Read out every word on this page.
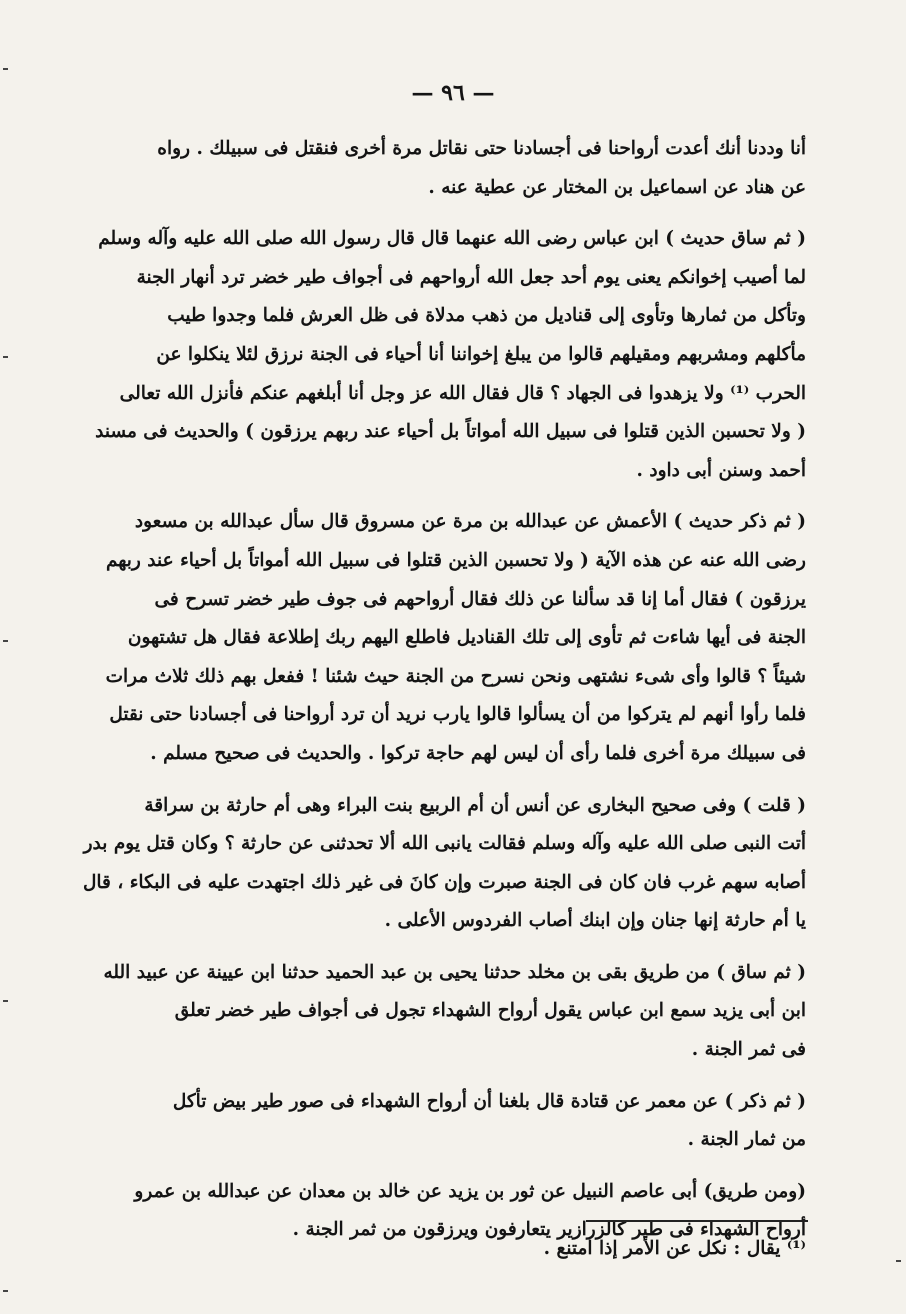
— ٩٦ —
أنا وددنا أنك أعدت أرواحنا فى أجسادنا حتى نقاتل مرة أخرى فنقتل فى سبيلك . رواه
عن هناد عن اسماعيل بن المختار عن عطية عنه .
( ثم ساق حديث ) ابن عباس رضى الله عنهما قال قال رسول الله صلى الله عليه وآله وسلم
لما أصيب إخوانكم يعنى يوم أحد جعل الله أرواحهم فى أجواف طير خضر ترد أنهار الجنة
وتأكل من ثمارها وتأوى إلى قناديل من ذهب مدلاة فى ظل العرش فلما وجدوا طيب
مأكلهم ومشربهم ومقيلهم قالوا من يبلغ إخواننا أنا أحياء فى الجنة نرزق لئلا ينكلوا عن
الحرب ⁽¹⁾ ولا يزهدوا فى الجهاد ؟ قال فقال الله عز وجل أنا أبلغهم عنكم فأنزل الله تعالى
( ولا تحسبن الذين قتلوا فى سبيل الله أمواتاً بل أحياء عند ربهم يرزقون ) والحديث فى مسند
أحمد وسنن أبى داود .
( ثم ذكر حديث ) الأعمش عن عبدالله بن مرة عن مسروق قال سأل عبدالله بن مسعود
رضى الله عنه عن هذه الآية ( ولا تحسبن الذين قتلوا فى سبيل الله أمواتاً بل أحياء عند ربهم
يرزقون ) فقال أما إنا قد سألنا عن ذلك فقال أرواحهم فى جوف طير خضر تسرح فى
الجنة فى أيها شاءت ثم تأوى إلى تلك القناديل فاطلع اليهم ربك إطلاعة فقال هل تشتهون
شيئاً ؟ قالوا وأى شىء نشتهى ونحن نسرح من الجنة حيث شئنا ! ففعل بهم ذلك ثلاث مرات
فلما رأوا أنهم لم يتركوا من أن يسألوا قالوا يارب نريد أن ترد أرواحنا فى أجسادنا حتى نقتل
فى سبيلك مرة أخرى فلما رأى أن ليس لهم حاجة تركوا . والحديث فى صحيح مسلم .
( قلت ) وفى صحيح البخارى عن أنس أن أم الربيع بنت البراء وهى أم حارثة بن سراقة
أتت النبى صلى الله عليه وآله وسلم فقالت يانبى الله ألا تحدثنى عن حارثة ؟ وكان قتل يوم بدر
أصابه سهم غرب فان كان فى الجنة صبرت وإن كانَ فى غير ذلك اجتهدت عليه فى البكاء ، قال
يا أم حارثة إنها جنان وإن ابنك أصاب الفردوس الأعلى .
( ثم ساق ) من طريق بقى بن مخلد حدثنا يحيى بن عبد الحميد حدثنا ابن عيينة عن عبيد الله
ابن أبى يزيد سمع ابن عباس يقول أرواح الشهداء تجول فى أجواف طير خضر تعلق
فى ثمر الجنة .
( ثم ذكر ) عن معمر عن قتادة قال بلغنا أن أرواح الشهداء فى صور طير بيض تأكل
من ثمار الجنة .
(ومن طريق) أبى عاصم النبيل عن ثور بن يزيد عن خالد بن معدان عن عبدالله بن عمرو
أرواح الشهداء فى طير كالزرازير يتعارفون ويرزقون من ثمر الجنة .
⁽¹⁾ يقال : نكل عن الأمر إذا امتنع .
